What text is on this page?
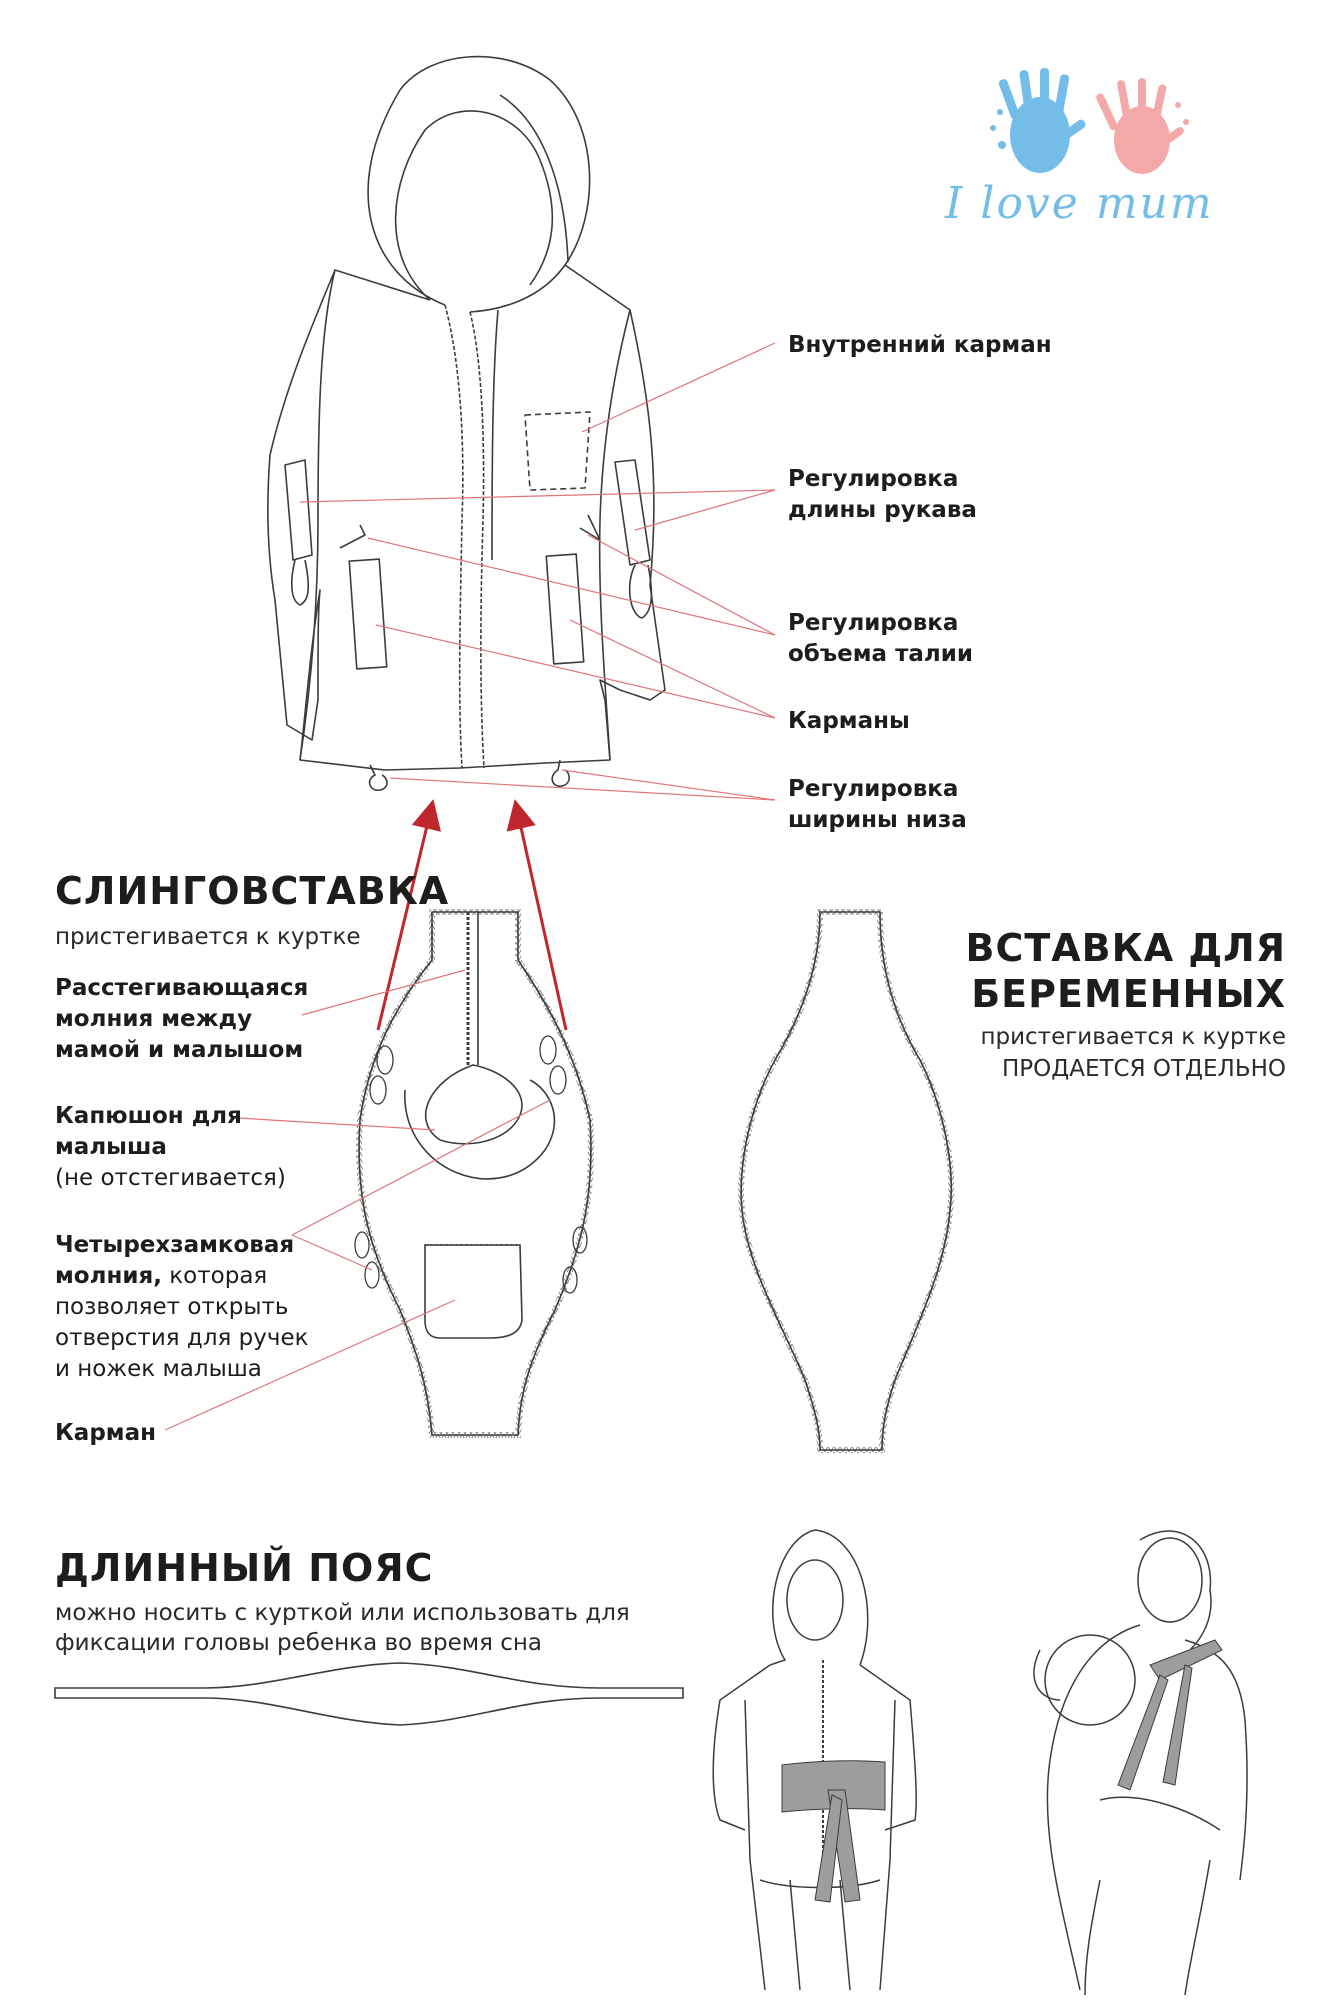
I love mum
Внутренний карман
Регулировка
длины рукава
Регулировка
объема талии
Карманы
Регулировка
ширины низа
СЛИНГОВСТАВКА
пристегивается к куртке
Расстегивающаяся
молния между
мамой и малышом
Капюшон для
малыша
(не отстегивается)
Четырехзамковая
молния, которая
позволяет открыть
отверстия для ручек
и ножек малыша
Карман
ВСТАВКА ДЛЯ
БЕРЕМЕННЫХ
пристегивается к куртке
ПРОДАЕТСЯ ОТДЕЛЬНО
ДЛИННЫЙ ПОЯС
можно носить с курткой или использовать для
фиксации головы ребенка во время сна
